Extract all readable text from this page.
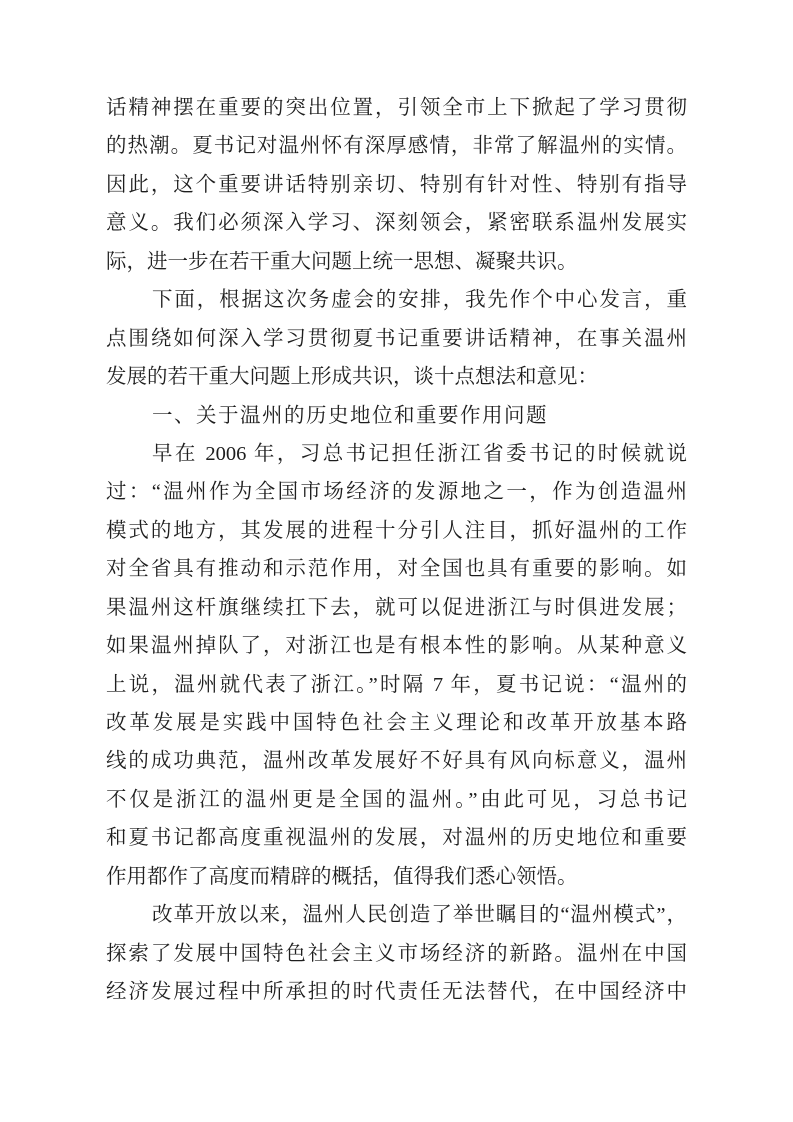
话精神摆在重要的突出位置，引领全市上下掀起了学习贯彻
的热潮。夏书记对温州怀有深厚感情，非常了解温州的实情。
因此，这个重要讲话特别亲切、特别有针对性、特别有指导
意义。我们必须深入学习、深刻领会，紧密联系温州发展实
际，进一步在若干重大问题上统一思想、凝聚共识。
下面，根据这次务虚会的安排，我先作个中心发言，重
点围绕如何深入学习贯彻夏书记重要讲话精神，在事关温州
发展的若干重大问题上形成共识，谈十点想法和意见：
一、关于温州的历史地位和重要作用问题
早在 2006 年，习总书记担任浙江省委书记的时候就说
过：“温州作为全国市场经济的发源地之一，作为创造温州
模式的地方，其发展的进程十分引人注目，抓好温州的工作
对全省具有推动和示范作用，对全国也具有重要的影响。如
果温州这杆旗继续扛下去，就可以促进浙江与时俱进发展；
如果温州掉队了，对浙江也是有根本性的影响。从某种意义
上说，温州就代表了浙江。”时隔 7 年，夏书记说：“温州的
改革发展是实践中国特色社会主义理论和改革开放基本路
线的成功典范，温州改革发展好不好具有风向标意义，温州
不仅是浙江的温州更是全国的温州。”由此可见，习总书记
和夏书记都高度重视温州的发展，对温州的历史地位和重要
作用都作了高度而精辟的概括，值得我们悉心领悟。
改革开放以来，温州人民创造了举世瞩目的“温州模式”，
探索了发展中国特色社会主义市场经济的新路。温州在中国
经济发展过程中所承担的时代责任无法替代，在中国经济中
